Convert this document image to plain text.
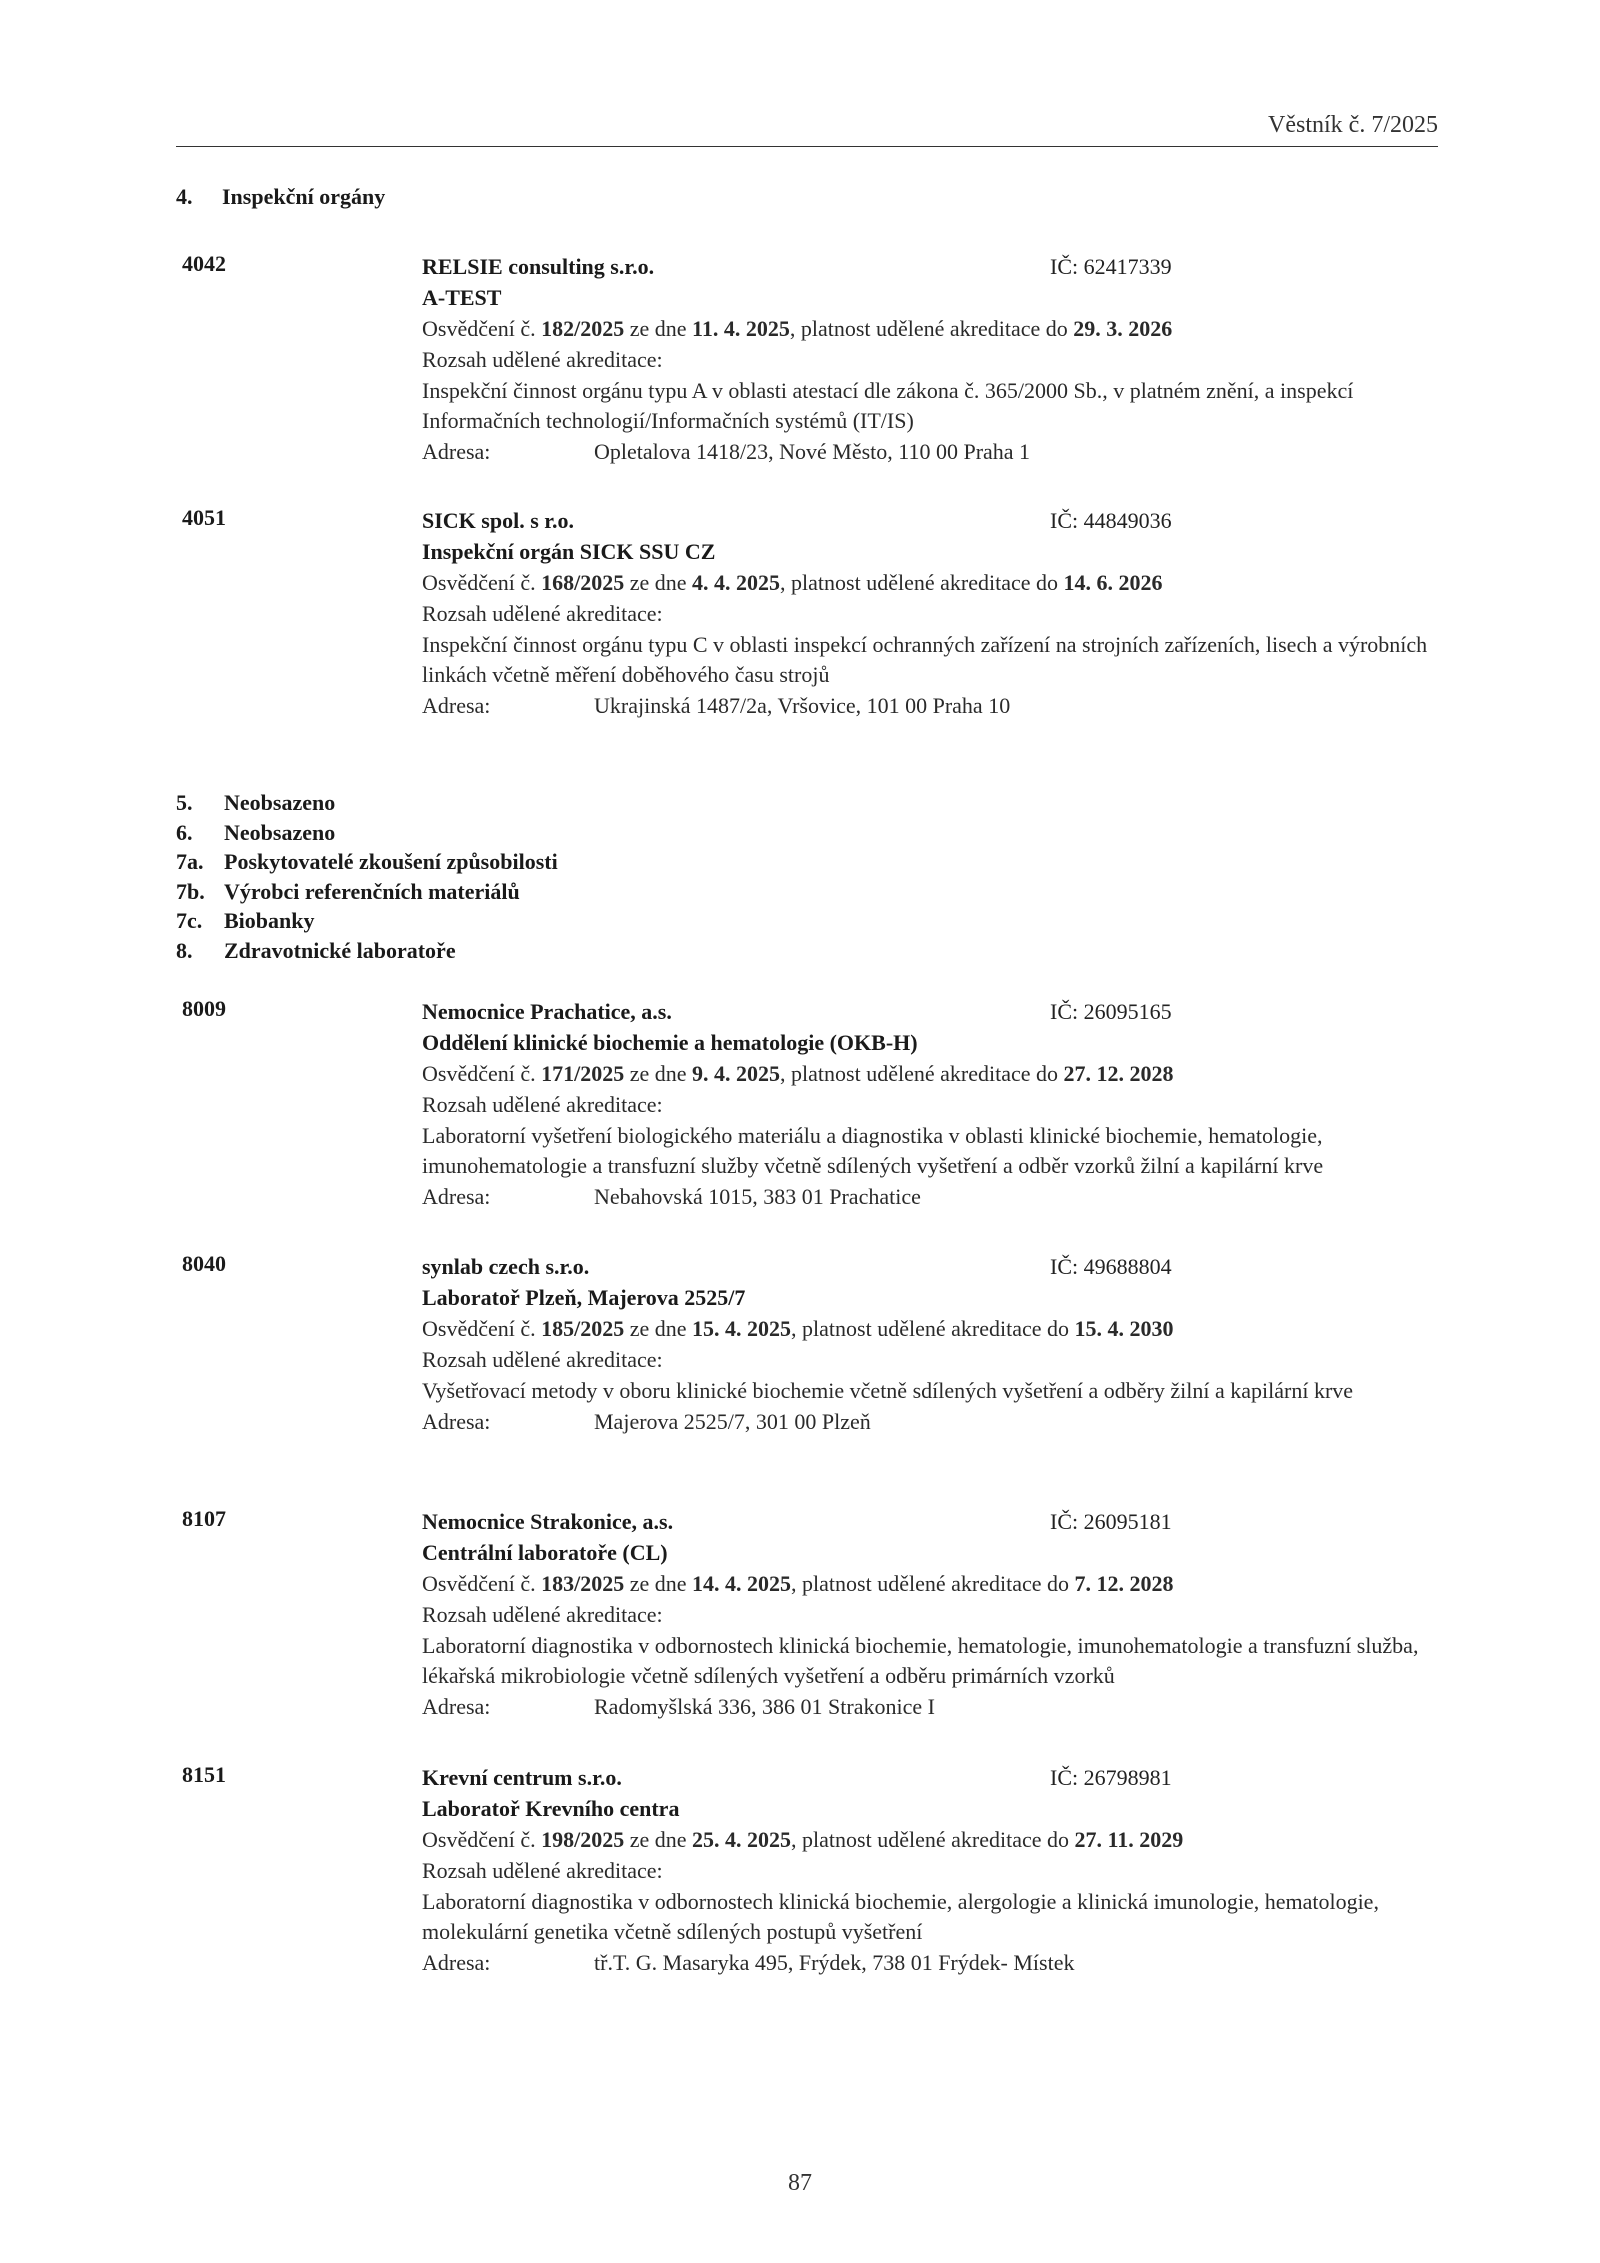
Věstník č. 7/2025
4. Inspekční orgány
4042	RELSIE consulting s.r.o.	IČ: 62417339
A-TEST
Osvědčení č. 182/2025 ze dne 11. 4. 2025, platnost udělené akreditace do 29. 3. 2026
Rozsah udělené akreditace:
Inspekční činnost orgánu typu A v oblasti atestací dle zákona č. 365/2000 Sb., v platném znění, a inspekcí Informačních technologií/Informačních systémů (IT/IS)
Adresa:	Opletalova 1418/23, Nové Město, 110 00 Praha 1
4051	SICK spol. s r.o.	IČ: 44849036
Inspekční orgán SICK SSU CZ
Osvědčení č. 168/2025 ze dne 4. 4. 2025, platnost udělené akreditace do 14. 6. 2026
Rozsah udělené akreditace:
Inspekční činnost orgánu typu C v oblasti inspekcí ochranných zařízení na strojních zařízeních, lisech a výrobních linkách včetně měření doběhového času strojů
Adresa:	Ukrajinská 1487/2a, Vršovice, 101 00 Praha 10
8009	Nemocnice Prachatice, a.s.	IČ: 26095165
Oddělení klinické biochemie a hematologie (OKB-H)
Osvědčení č. 171/2025 ze dne 9. 4. 2025, platnost udělené akreditace do 27. 12. 2028
Rozsah udělené akreditace:
Laboratorní vyšetření biologického materiálu a diagnostika v oblasti klinické biochemie, hematologie, imunohematologie a transfuzní služby včetně sdílených vyšetření a odběr vzorků žilní a kapilární krve
Adresa:	Nebahovská 1015, 383 01 Prachatice
8040	synlab czech s.r.o.	IČ: 49688804
Laboratoř Plzeň, Majerova 2525/7
Osvědčení č. 185/2025 ze dne 15. 4. 2025, platnost udělené akreditace do 15. 4. 2030
Rozsah udělené akreditace:
Vyšetřovací metody v oboru klinické biochemie včetně sdílených vyšetření a odběry žilní a kapilární krve
Adresa:	Majerova 2525/7, 301 00 Plzeň
8107	Nemocnice Strakonice, a.s.	IČ: 26095181
Centrální laboratoře (CL)
Osvědčení č. 183/2025 ze dne 14. 4. 2025, platnost udělené akreditace do 7. 12. 2028
Rozsah udělené akreditace:
Laboratorní diagnostika v odbornostech klinická biochemie, hematologie, imunohematologie a transfuzní služba, lékařská mikrobiologie včetně sdílených vyšetření a odběru primárních vzorků
Adresa:	Radomyšlská 336, 386 01 Strakonice I
8151	Krevní centrum s.r.o.	IČ: 26798981
Laboratoř Krevního centra
Osvědčení č. 198/2025 ze dne 25. 4. 2025, platnost udělené akreditace do 27. 11. 2029
Rozsah udělené akreditace:
Laboratorní diagnostika v odbornostech klinická biochemie, alergologie a klinická imunologie, hematologie, molekulární genetika včetně sdílených postupů vyšetření
Adresa:	tř.T. G. Masaryka 495, Frýdek, 738 01 Frýdek- Místek
5. Neobsazeno
6. Neobsazeno
7a. Poskytovatelé zkoušení způsobilosti
7b. Výrobci referenčních materiálů
7c. Biobanky
8. Zdravotnické laboratoře
87
